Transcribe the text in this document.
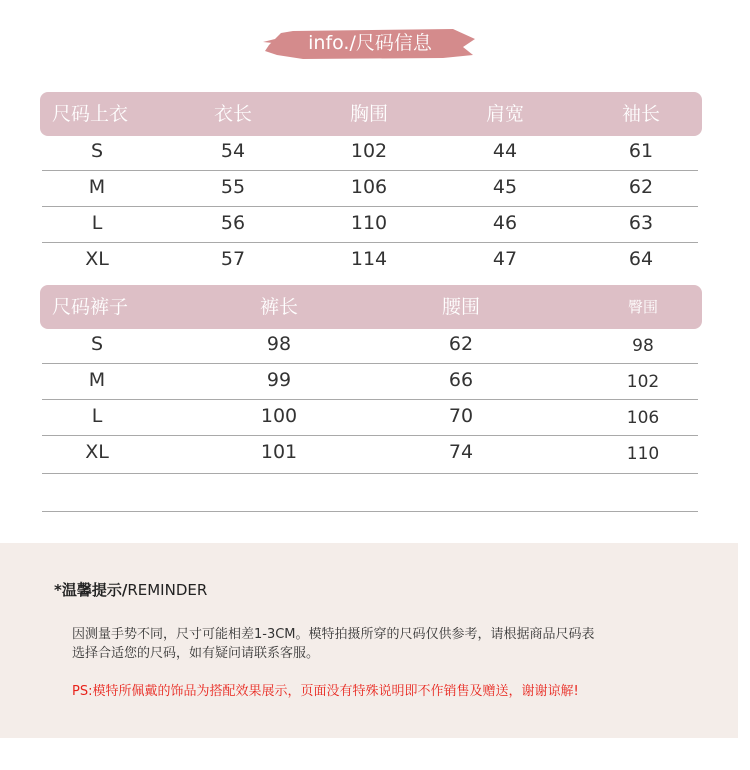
info./尺码信息
尺码上衣	衣长	胸围	肩宽	袖长
S	54	102	44	61
M	55	106	45	62
L	56	110	46	63
XL	57	114	47	64
尺码裤子	裤长	腰围	臀围
S	98	62	98
M	99	66	102
L	100	70	106
XL	101	74	110
*温馨提示/REMINDER
因测量手势不同，尺寸可能相差1-3CM。模特拍摄所穿的尺码仅供参考，请根据商品尺码表
选择合适您的尺码，如有疑问请联系客服。
PS:模特所佩戴的饰品为搭配效果展示，页面没有特殊说明即不作销售及赠送，谢谢谅解!
